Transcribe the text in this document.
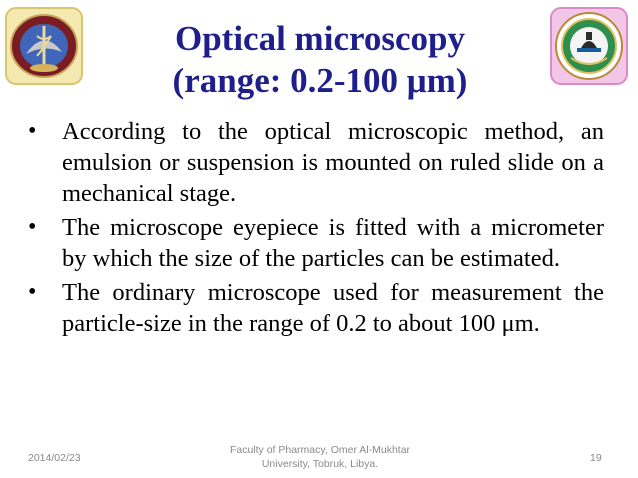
Optical microscopy
(range: 0.2-100 μm)
•	According to the optical microscopic method, an emulsion or suspension is mounted on ruled slide on a mechanical stage.
•	The microscope eyepiece is fitted with a micrometer by which the size of the particles can be estimated.
•	The ordinary microscope used for measurement the particle-size in the range of 0.2 to about 100 μm.
2014/02/23
Faculty of Pharmacy, Omer Al-Mukhtar
University, Tobruk, Libya.	19
